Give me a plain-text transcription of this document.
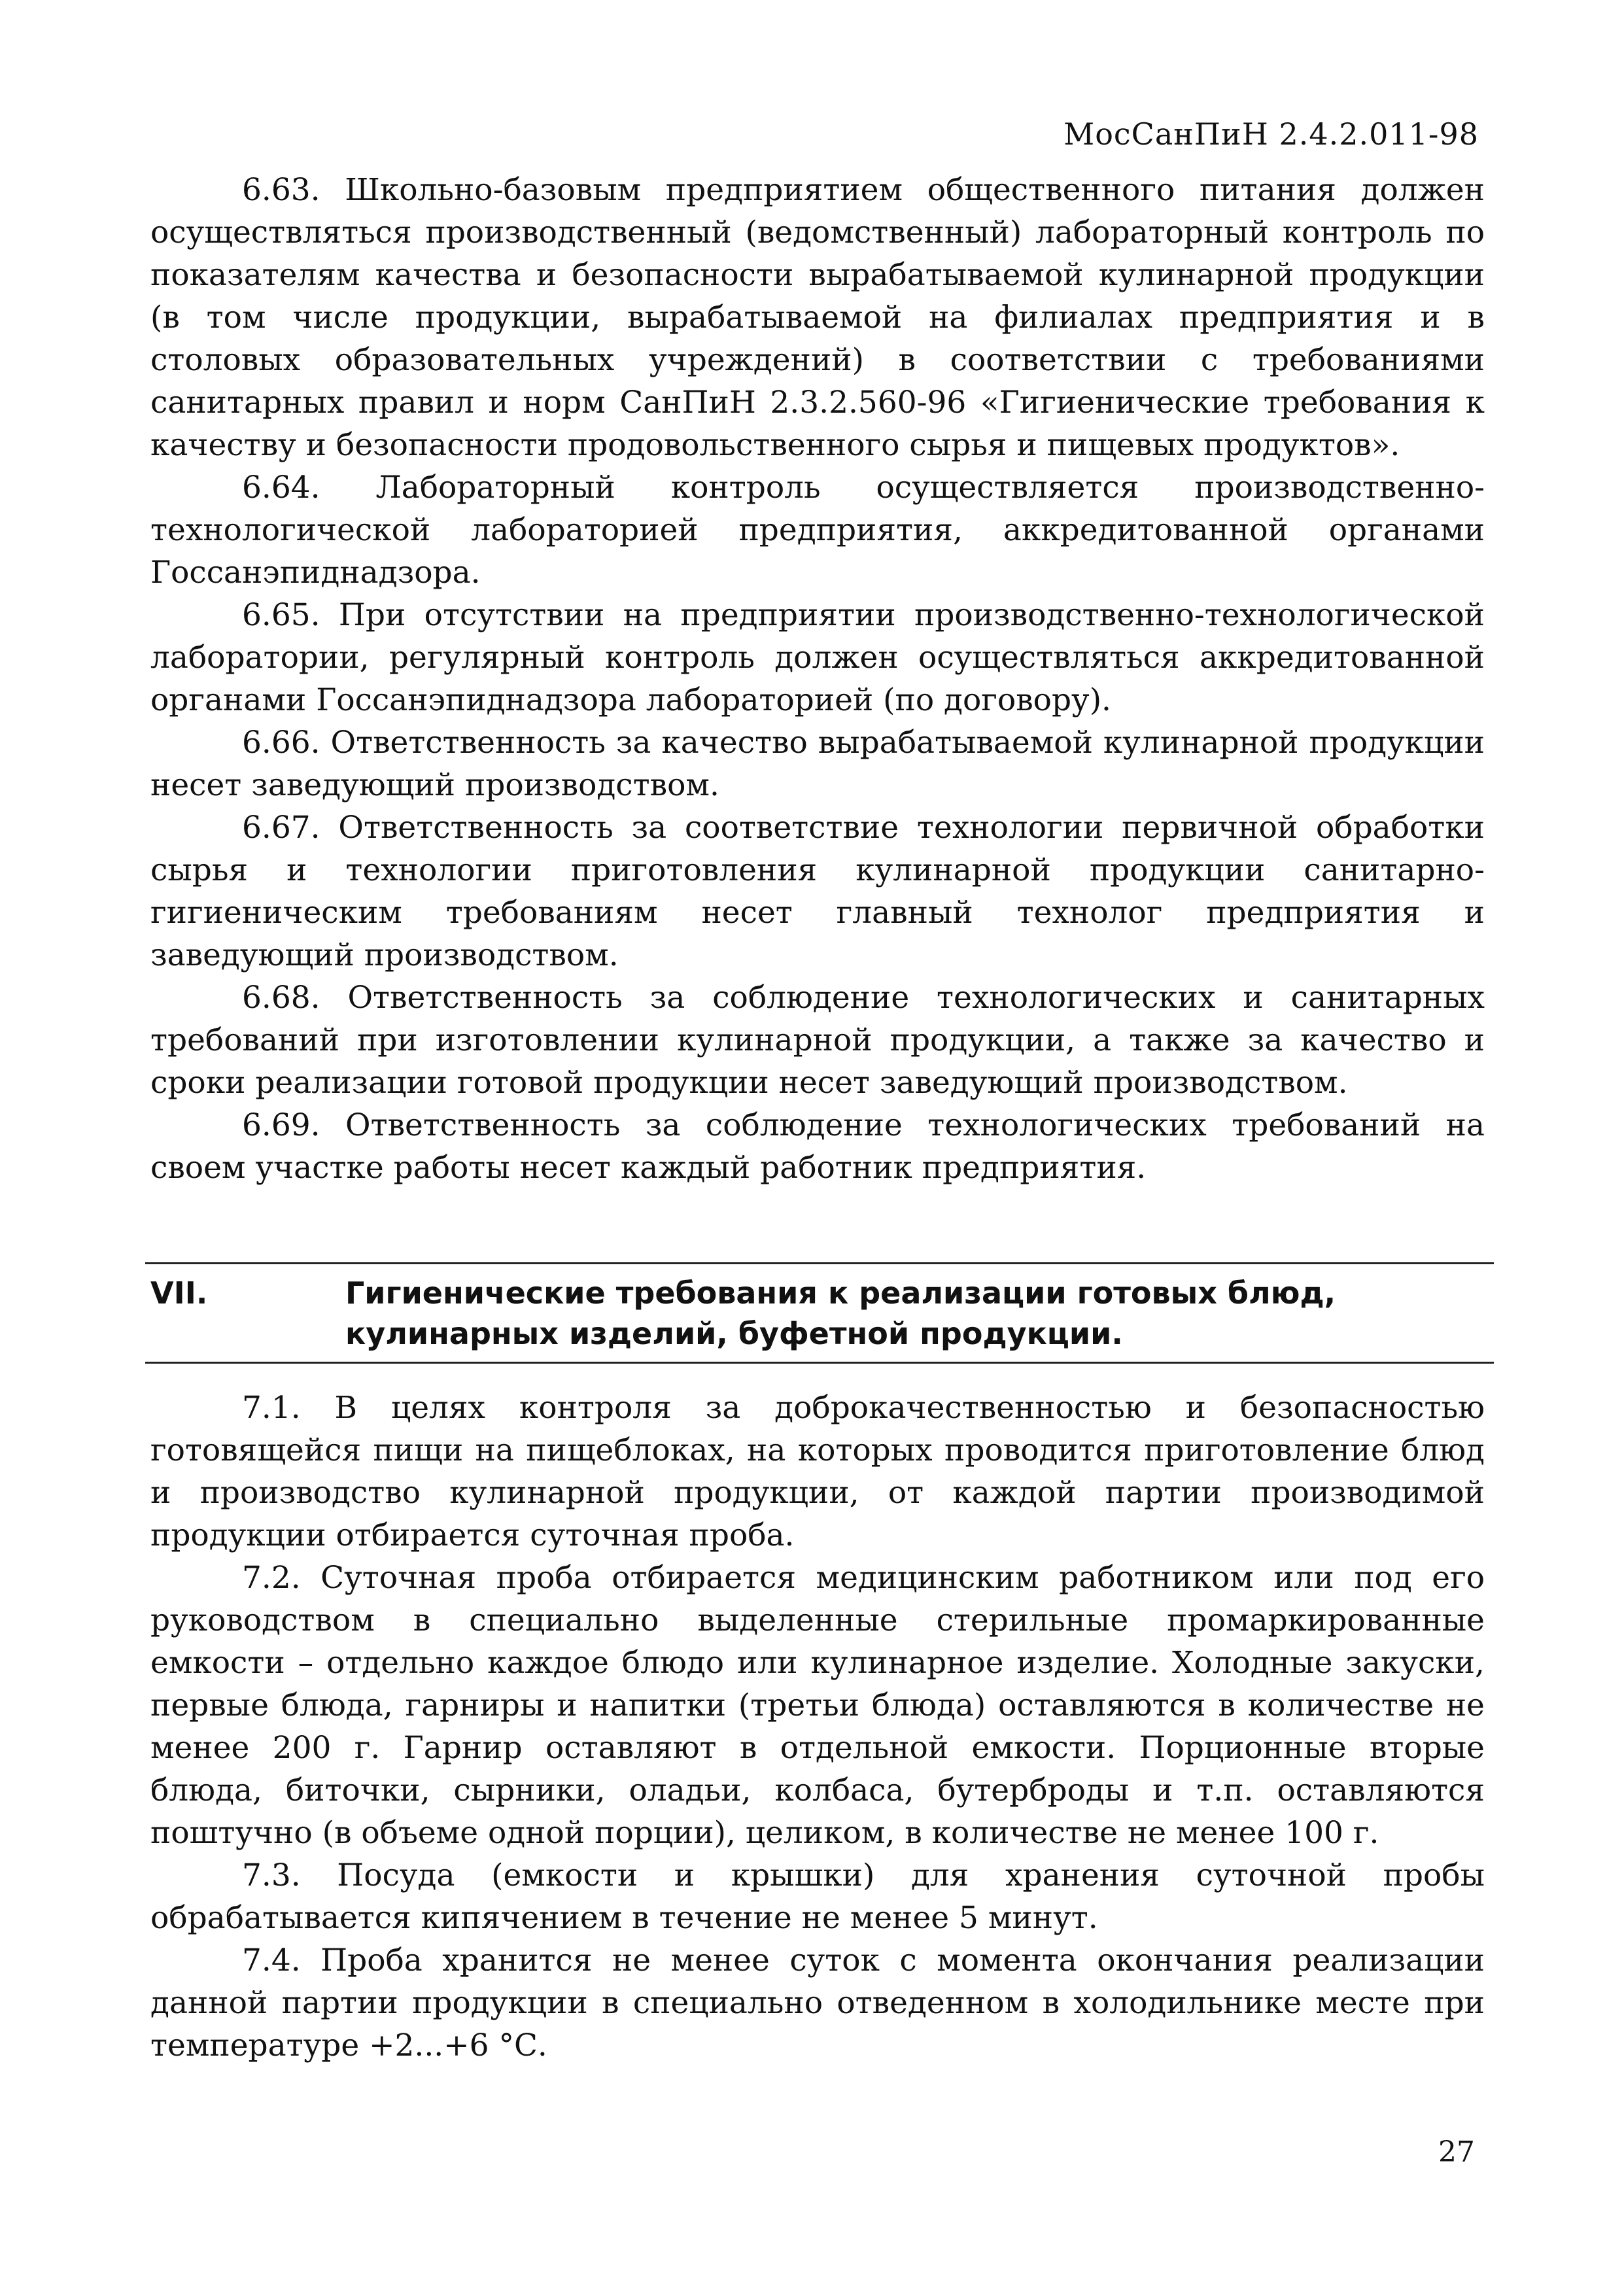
МосСанПиН 2.4.2.011-98

6.63. Школьно-базовым предприятием общественного питания должен осуществляться производственный (ведомственный) лабораторный контроль по показателям качества и безопасности вырабатываемой кулинарной продукции (в том числе продукции, вырабатываемой на филиалах предприятия и в столовых образовательных учреждений) в соответствии с требованиями санитарных правил и норм СанПиН 2.3.2.560-96 «Гигиенические требования к качеству и безопасности продовольственного сырья и пищевых продуктов».

6.64. Лабораторный контроль осуществляется производственно-технологической лабораторией предприятия, аккредитованной органами Госсанэпиднадзора.

6.65. При отсутствии на предприятии производственно-технологической лаборатории, регулярный контроль должен осуществляться аккредитованной органами Госсанэпиднадзора лабораторией (по договору).

6.66. Ответственность за качество вырабатываемой кулинарной продукции несет заведующий производством.

6.67. Ответственность за соответствие технологии первичной обработки сырья и технологии приготовления кулинарной продукции санитарно-гигиеническим требованиям несет главный технолог предприятия и заведующий производством.

6.68. Ответственность за соблюдение технологических и санитарных требований при изготовлении кулинарной продукции, а также за качество и сроки реализации готовой продукции несет заведующий производством.

6.69. Ответственность за соблюдение технологических требований на своем участке работы несет каждый работник предприятия.

VII.	Гигиенические требования к реализации готовых блюд, кулинарных изделий, буфетной продукции.

7.1. В целях контроля за доброкачественностью и безопасностью готовящейся пищи на пищеблоках, на которых проводится приготовление блюд и производство кулинарной продукции, от каждой партии производимой продукции отбирается суточная проба.

7.2. Суточная проба отбирается медицинским работником или под его руководством в специально выделенные стерильные промаркированные емкости – отдельно каждое блюдо или кулинарное изделие. Холодные закуски, первые блюда, гарниры и напитки (третьи блюда) оставляются в количестве не менее 200 г. Гарнир оставляют в отдельной емкости. Порционные вторые блюда, биточки, сырники, оладьи, колбаса, бутерброды и т.п. оставляются поштучно (в объеме одной порции), целиком, в количестве не менее 100 г.

7.3. Посуда (емкости и крышки) для хранения суточной пробы обрабатывается кипячением в течение не менее 5 минут.

7.4. Проба хранится не менее суток с момента окончания реализации данной партии продукции в специально отведенном в холодильнике месте при температуре +2...+6 °С.

27
